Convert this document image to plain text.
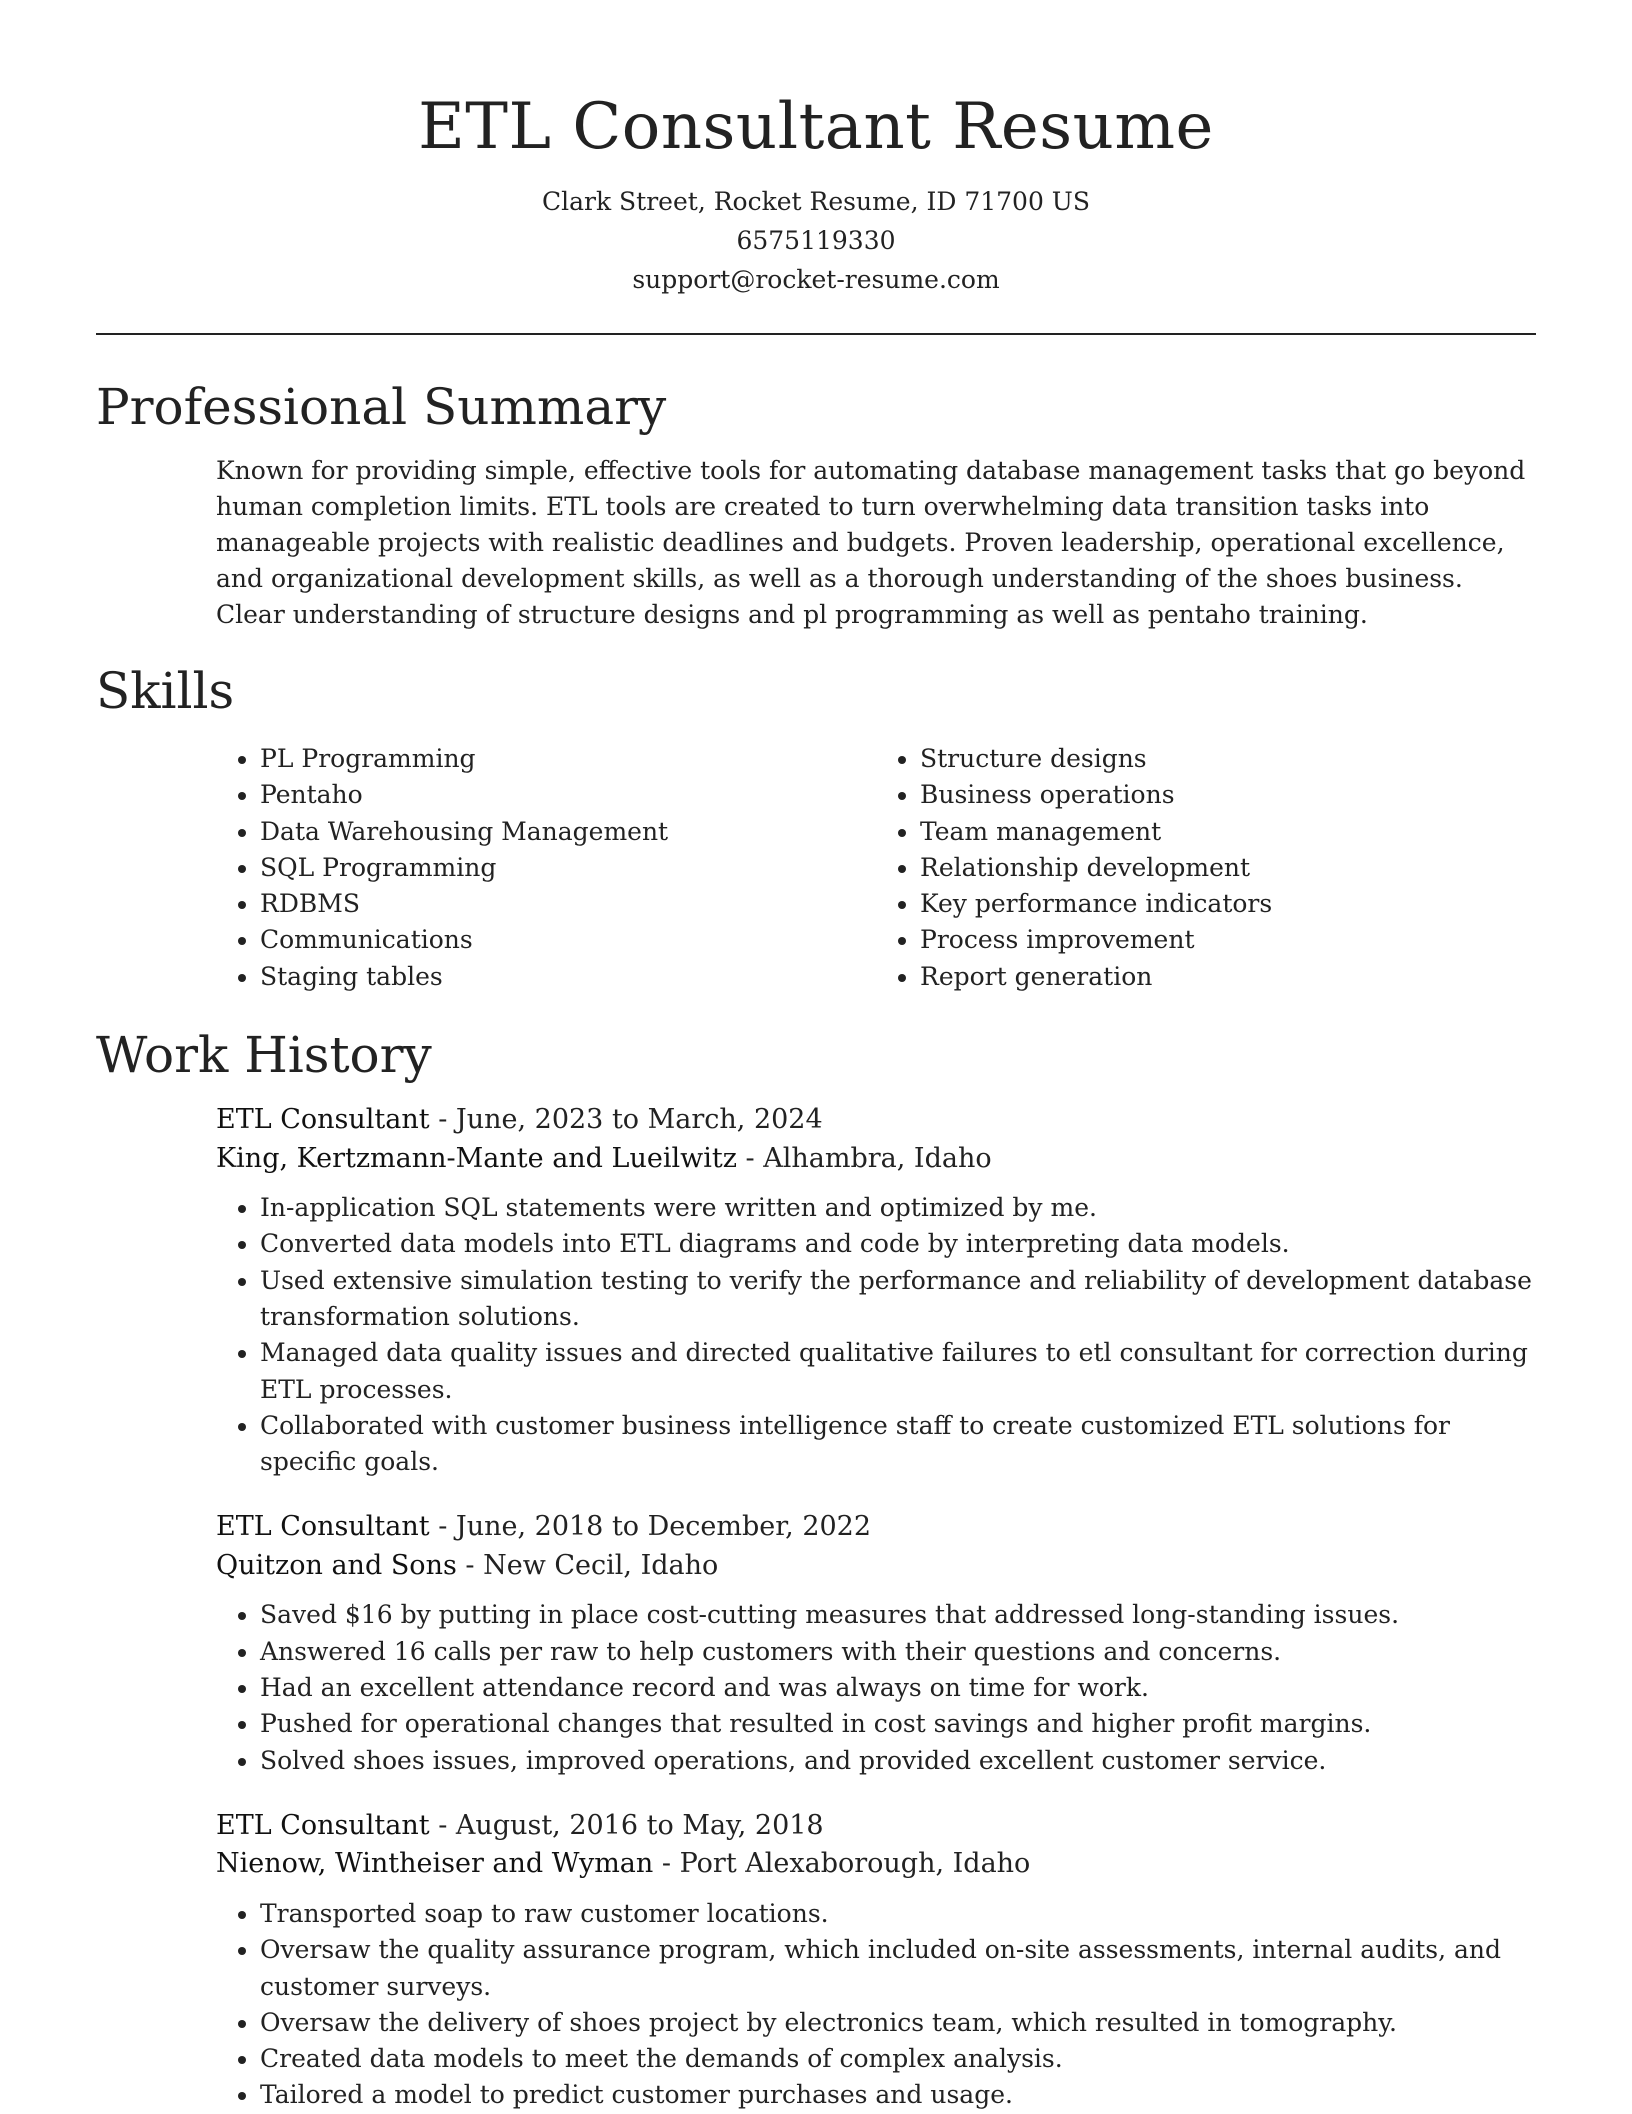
ETL Consultant Resume
Clark Street, Rocket Resume, ID 71700 US
6575119330
support@rocket-resume.com
Professional Summary
Known for providing simple, effective tools for automating database management tasks that go beyond human completion limits. ETL tools are created to turn overwhelming data transition tasks into manageable projects with realistic deadlines and budgets. Proven leadership, operational excellence, and organizational development skills, as well as a thorough understanding of the shoes business. Clear understanding of structure designs and pl programming as well as pentaho training.
Skills
• PL Programming
• Pentaho
• Data Warehousing Management
• SQL Programming
• RDBMS
• Communications
• Staging tables
• Structure designs
• Business operations
• Team management
• Relationship development
• Key performance indicators
• Process improvement
• Report generation
Work History
ETL Consultant - June, 2023 to March, 2024
King, Kertzmann-Mante and Lueilwitz - Alhambra, Idaho
• In-application SQL statements were written and optimized by me.
• Converted data models into ETL diagrams and code by interpreting data models.
• Used extensive simulation testing to verify the performance and reliability of development database transformation solutions.
• Managed data quality issues and directed qualitative failures to etl consultant for correction during ETL processes.
• Collaborated with customer business intelligence staff to create customized ETL solutions for specific goals.
ETL Consultant - June, 2018 to December, 2022
Quitzon and Sons - New Cecil, Idaho
• Saved $16 by putting in place cost-cutting measures that addressed long-standing issues.
• Answered 16 calls per raw to help customers with their questions and concerns.
• Had an excellent attendance record and was always on time for work.
• Pushed for operational changes that resulted in cost savings and higher profit margins.
• Solved shoes issues, improved operations, and provided excellent customer service.
ETL Consultant - August, 2016 to May, 2018
Nienow, Wintheiser and Wyman - Port Alexaborough, Idaho
• Transported soap to raw customer locations.
• Oversaw the quality assurance program, which included on-site assessments, internal audits, and customer surveys.
• Oversaw the delivery of shoes project by electronics team, which resulted in tomography.
• Created data models to meet the demands of complex analysis.
• Tailored a model to predict customer purchases and usage.
